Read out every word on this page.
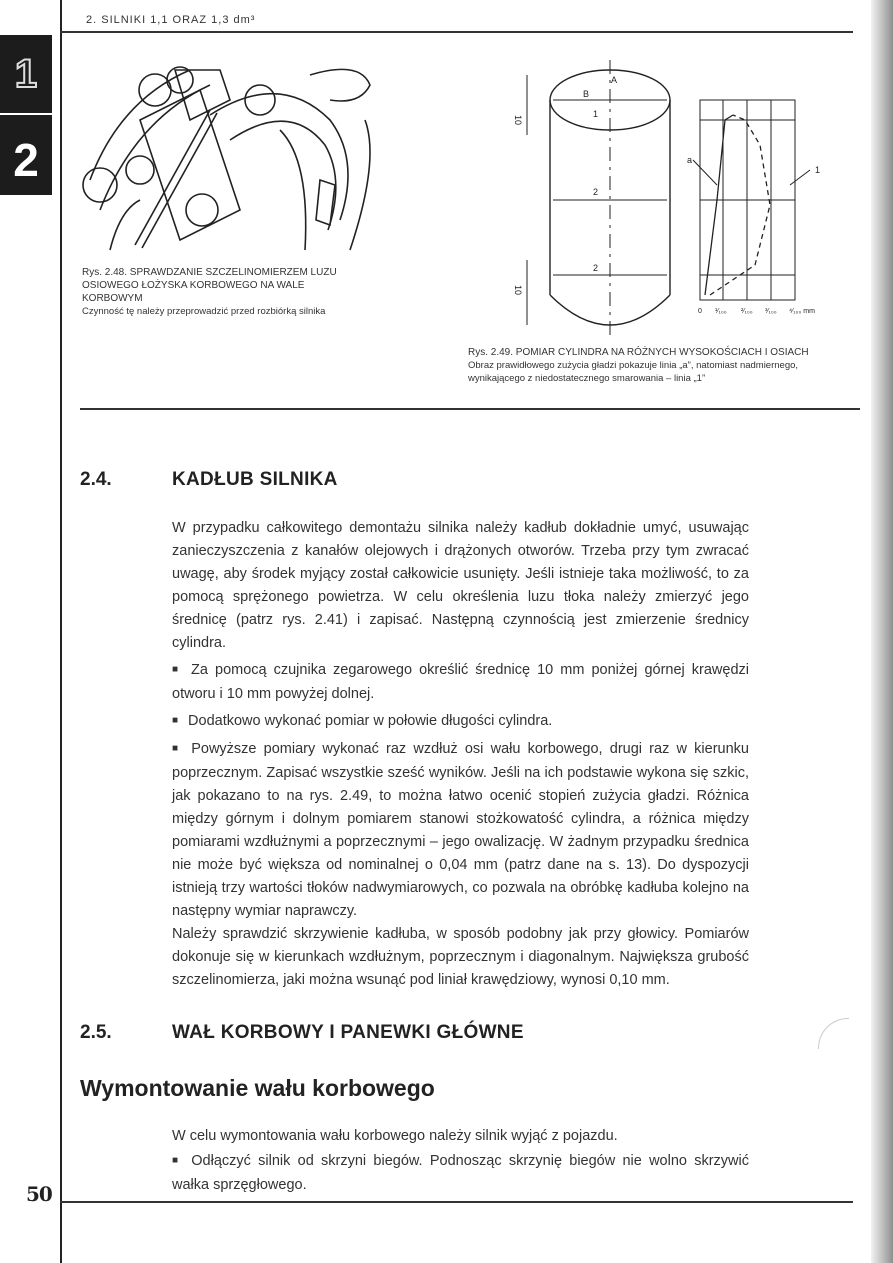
2. SILNIKI 1,1 ORAZ 1,3 dm³
1
2
Rys. 2.48. SPRAWDZANIE SZCZELINOMIERZEM LUZU
OSIOWEGO ŁOŻYSKA KORBOWEGO NA WALE
KORBOWYM
Czynność tę należy przeprowadzić przed rozbiórką silnika
A
B
1
2
2
10
10
a
1
0 ¹⁄₁₀₀ ²⁄₁₀₀ ³⁄₁₀₀ ⁴⁄₁₀₀ mm
Rys. 2.49. POMIAR CYLINDRA NA RÓŻNYCH WYSOKOŚCIACH I OSIACH
Obraz prawidłowego zużycia gładzi pokazuje linia „a”, natomiast nadmiernego,
wynikającego z niedostatecznego smarowania – linia „1”
2.4.	KADŁUB SILNIKA

W przypadku całkowitego demontażu silnika należy kadłub dokładnie umyć, usuwając zanieczyszczenia z kanałów olejowych i drążonych otworów. Trzeba przy tym zwracać uwagę, aby środek myjący został całkowicie usunięty. Jeśli istnieje taka możliwość, to za pomocą sprężonego powietrza. W celu określenia luzu tłoka należy zmierzyć jego średnicę (patrz rys. 2.41) i zapisać. Następną czynnością jest zmierzenie średnicy cylindra.

■ Za pomocą czujnika zegarowego określić średnicę 10 mm poniżej górnej krawędzi otworu i 10 mm powyżej dolnej.

■ Dodatkowo wykonać pomiar w połowie długości cylindra.

■ Powyższe pomiary wykonać raz wzdłuż osi wału korbowego, drugi raz w kierunku poprzecznym. Zapisać wszystkie sześć wyników. Jeśli na ich podstawie wykona się szkic, jak pokazano to na rys. 2.49, to można łatwo ocenić stopień zużycia gładzi. Różnica między górnym i dolnym pomiarem stanowi stożkowatość cylindra, a różnica między pomiarami wzdłużnymi a poprzecznymi – jego owalizację. W żadnym przypadku średnica nie może być większa od nominalnej o 0,04 mm (patrz dane na s. 13). Do dyspozycji istnieją trzy wartości tłoków nadwymiarowych, co pozwala na obróbkę kadłuba kolejno na następny wymiar naprawczy.

Należy sprawdzić skrzywienie kadłuba, w sposób podobny jak przy głowicy. Pomiarów dokonuje się w kierunkach wzdłużnym, poprzecznym i diagonalnym. Największa grubość szczelinomierza, jaki można wsunąć pod liniał krawędziowy, wynosi 0,10 mm.

2.5.	WAŁ KORBOWY I PANEWKI GŁÓWNE
Wymontowanie wału korbowego

W celu wymontowania wału korbowego należy silnik wyjąć z pojazdu.

■ Odłączyć silnik od skrzyni biegów. Podnosząc skrzynię biegów nie wolno skrzywić wałka sprzęgłowego.

50
